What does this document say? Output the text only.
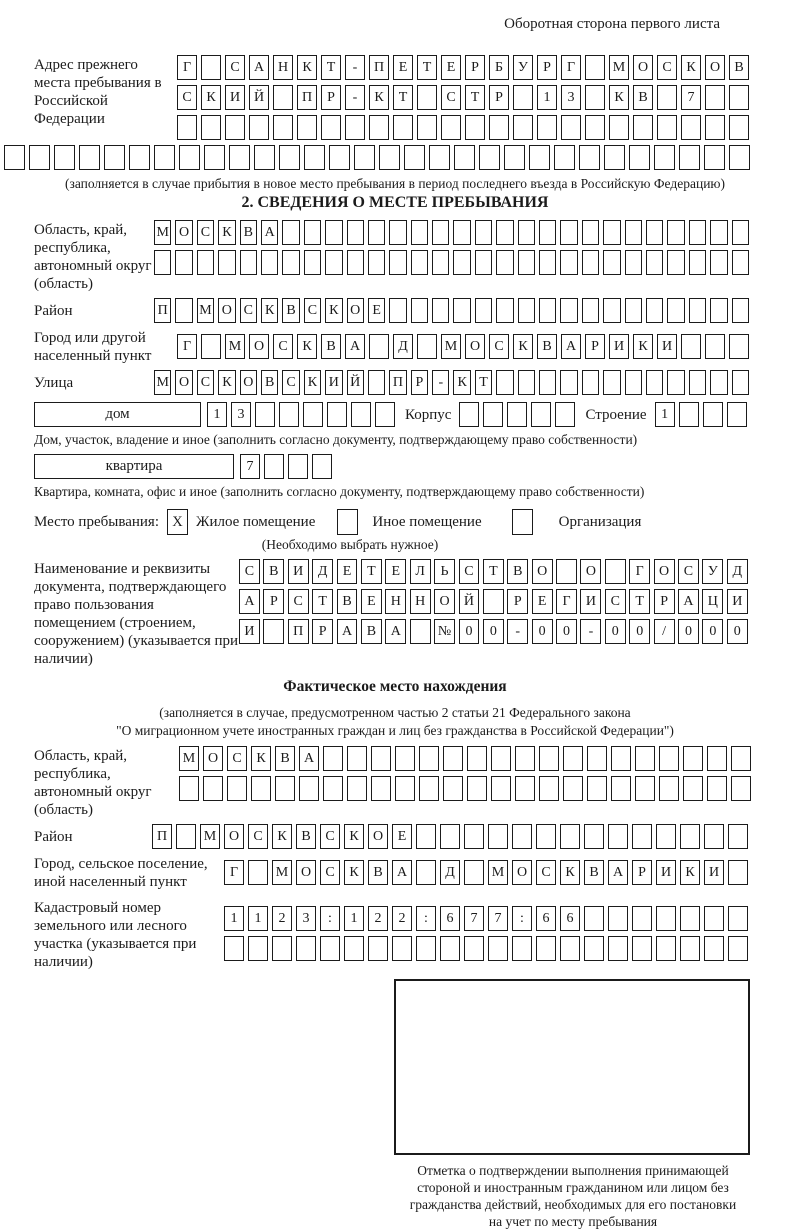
Оборотная сторона первого листа
Адрес прежнего места пребывания в Российской Федерации
Г	С	А Н	К	Т	-	П	Е	Т	Е	Р	Б	У	Р	Г	М О	С	К	О	В
С	К	И Й	П	Р	-	К	Т	С	Т	Р	1	3	К	В	7
(заполняется в случае прибытия в новое место пребывания в период последнего въезда в Российскую Федерацию)
2. СВЕДЕНИЯ О МЕСТЕ ПРЕБЫВАНИЯ
Область, край, республика, автономный округ (область)
М О С К В А
Район	П М О С К В С К О Е
Город или другой населенный пункт
Г	М О	С	К	В	А	Д	М О	С	К	В	А	Р	И	К	И
Улица	М О С К О В С К И Й П Р	-	К Т
дом	1	3	Корпус	Строение	1
Дом, участок, владение и иное (заполнить согласно документу, подтверждающему право собственности)
квартира	7
Квартира, комната, офис и иное (заполнить согласно документу, подтверждающему право собственности)
Место пребывания: X Жилое помещение	Иное помещение	Организация
(Необходимо выбрать нужное)
Наименование и реквизиты документа, подтверждающего право пользования помещением (строением, сооружением) (указывается при наличии)
С	В	И	Д	Е	Т	Е	Л	Ь	С	Т	В	О	О	Г	О	С	У	Д
А	Р	С	Т	В	Е	Н	Н	О	Й	Р	Е	Г	И	С	Т	Р	А	Ц	И
И	П	Р	А	В	А	№	0	0	-	0	0	-	0	0	/	0	0	0
Фактическое место нахождения
(заполняется в случае, предусмотренном частью 2 статьи 21 Федерального закона
"О миграционном учете иностранных граждан и лиц без гражданства в Российской Федерации")
Область, край, республика, автономный округ (область)
М О	С	К	В	А
Район	П	М О	С	К	В	С	К	О	Е
Город, сельское поселение, иной населенный пункт
Г	М О	С	К	В	А	Д	М О	С	К	В	А	Р	И	К	И
Кадастровый номер земельного или лесного участка (указывается при наличии)
1	1	2	3	:	1	2	2	:	6	7	7	:	6	6
Отметка о подтверждении выполнения принимающей
стороной и иностранным гражданином или лицом без
гражданства действий, необходимых для его постановки
на учет по месту пребывания
